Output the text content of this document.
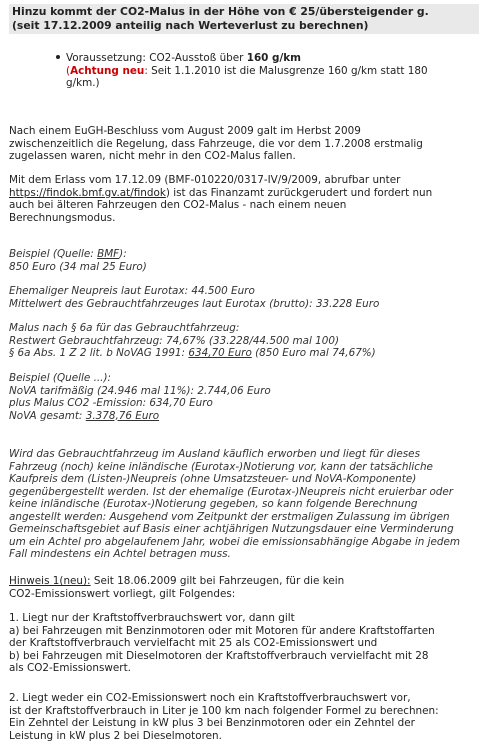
Hinzu kommt der CO2-Malus in der Höhe von € 25/übersteigender g.
(seit 17.12.2009 anteilig nach Werteverlust zu berechnen)
Voraussetzung: CO2-Ausstoß über 160 g/km
(Achtung neu: Seit 1.1.2010 ist die Malusgrenze 160 g/km statt 180
g/km.)
Nach einem EuGH-Beschluss vom August 2009 galt im Herbst 2009
zwischenzeitlich die Regelung, dass Fahrzeuge, die vor dem 1.7.2008 erstmalig
zugelassen waren, nicht mehr in den CO2-Malus fallen.
Mit dem Erlass vom 17.12.09 (BMF-010220/0317-IV/9/2009, abrufbar unter
https://findok.bmf.gv.at/findok) ist das Finanzamt zurückgerudert und fordert nun
auch bei älteren Fahrzeugen den CO2-Malus - nach einem neuen
Berechnungsmodus.
Beispiel (Quelle: BMF):
850 Euro (34 mal 25 Euro)
Ehemaliger Neupreis laut Eurotax: 44.500 Euro
Mittelwert des Gebrauchtfahrzeuges laut Eurotax (brutto): 33.228 Euro
Malus nach § 6a für das Gebrauchtfahrzeug:
Restwert Gebrauchtfahrzeug: 74,67% (33.228/44.500 mal 100)
§ 6a Abs. 1 Z 2 lit. b NoVAG 1991: 634,70 Euro (850 Euro mal 74,67%)
Beispiel (Quelle ...):
NoVA tarifmäßig (24.946 mal 11%): 2.744,06 Euro
plus Malus CO2 -Emission: 634,70 Euro
NoVA gesamt: 3.378,76 Euro
Wird das Gebrauchtfahrzeug im Ausland käuflich erworben und liegt für dieses
Fahrzeug (noch) keine inländische (Eurotax-)Notierung vor, kann der tatsächliche
Kaufpreis dem (Listen-)Neupreis (ohne Umsatzsteuer- und NoVA-Komponente)
gegenübergestellt werden. Ist der ehemalige (Eurotax-)Neupreis nicht eruierbar oder
keine inländische (Eurotax-)Notierung gegeben, so kann folgende Berechnung
angestellt werden: Ausgehend vom Zeitpunkt der erstmaligen Zulassung im übrigen
Gemeinschaftsgebiet auf Basis einer achtjährigen Nutzungsdauer eine Verminderung
um ein Achtel pro abgelaufenem Jahr, wobei die emissionsabhängige Abgabe in jedem
Fall mindestens ein Achtel betragen muss.
Hinweis 1(neu): Seit 18.06.2009 gilt bei Fahrzeugen, für die kein
CO2-Emissionswert vorliegt, gilt Folgendes:
1. Liegt nur der Kraftstoffverbrauchswert vor, dann gilt
a) bei Fahrzeugen mit Benzinmotoren oder mit Motoren für andere Kraftstoffarten
der Kraftstoffverbrauch vervielfacht mit 25 als CO2-Emissionswert und
b) bei Fahrzeugen mit Dieselmotoren der Kraftstoffverbrauch vervielfacht mit 28
als CO2-Emissionswert.
2. Liegt weder ein CO2-Emissionswert noch ein Kraftstoffverbrauchswert vor,
ist der Kraftstoffverbrauch in Liter je 100 km nach folgender Formel zu berechnen:
Ein Zehntel der Leistung in kW plus 3 bei Benzinmotoren oder ein Zehntel der
Leistung in kW plus 2 bei Dieselmotoren.
